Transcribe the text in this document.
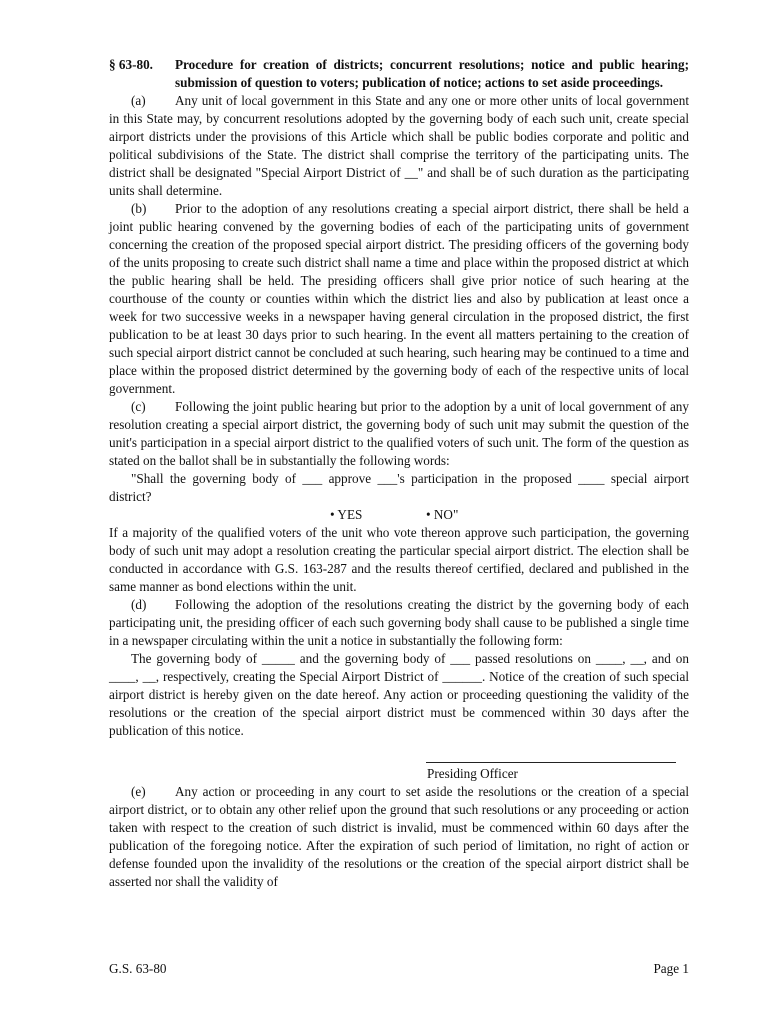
§ 63-80. Procedure for creation of districts; concurrent resolutions; notice and public hearing; submission of question to voters; publication of notice; actions to set aside proceedings.

(a) Any unit of local government in this State and any one or more other units of local government in this State may, by concurrent resolutions adopted by the governing body of each such unit, create special airport districts under the provisions of this Article which shall be public bodies corporate and politic and political subdivisions of the State. The district shall comprise the territory of the participating units. The district shall be designated "Special Airport District of __" and shall be of such duration as the participating units shall determine.

(b) Prior to the adoption of any resolutions creating a special airport district, there shall be held a joint public hearing convened by the governing bodies of each of the participating units of government concerning the creation of the proposed special airport district. The presiding officers of the governing body of the units proposing to create such district shall name a time and place within the proposed district at which the public hearing shall be held. The presiding officers shall give prior notice of such hearing at the courthouse of the county or counties within which the district lies and also by publication at least once a week for two successive weeks in a newspaper having general circulation in the proposed district, the first publication to be at least 30 days prior to such hearing. In the event all matters pertaining to the creation of such special airport district cannot be concluded at such hearing, such hearing may be continued to a time and place within the proposed district determined by the governing body of each of the respective units of local government.

(c) Following the joint public hearing but prior to the adoption by a unit of local government of any resolution creating a special airport district, the governing body of such unit may submit the question of the unit's participation in a special airport district to the qualified voters of such unit. The form of the question as stated on the ballot shall be in substantially the following words:

"Shall the governing body of ___ approve ___'s participation in the proposed ____ special airport district?

• YES	• NO"

If a majority of the qualified voters of the unit who vote thereon approve such participation, the governing body of such unit may adopt a resolution creating the particular special airport district. The election shall be conducted in accordance with G.S. 163-287 and the results thereof certified, declared and published in the same manner as bond elections within the unit.

(d) Following the adoption of the resolutions creating the district by the governing body of each participating unit, the presiding officer of each such governing body shall cause to be published a single time in a newspaper circulating within the unit a notice in substantially the following form:

The governing body of _____ and the governing body of ___ passed resolutions on ____, __, and on ____, __, respectively, creating the Special Airport District of ______. Notice of the creation of such special airport district is hereby given on the date hereof. Any action or proceeding questioning the validity of the resolutions or the creation of the special airport district must be commenced within 30 days after the publication of this notice.

Presiding Officer

(e) Any action or proceeding in any court to set aside the resolutions or the creation of a special airport district, or to obtain any other relief upon the ground that such resolutions or any proceeding or action taken with respect to the creation of such district is invalid, must be commenced within 60 days after the publication of the foregoing notice. After the expiration of such period of limitation, no right of action or defense founded upon the invalidity of the resolutions or the creation of the special airport district shall be asserted nor shall the validity of

G.S. 63-80	Page 1
